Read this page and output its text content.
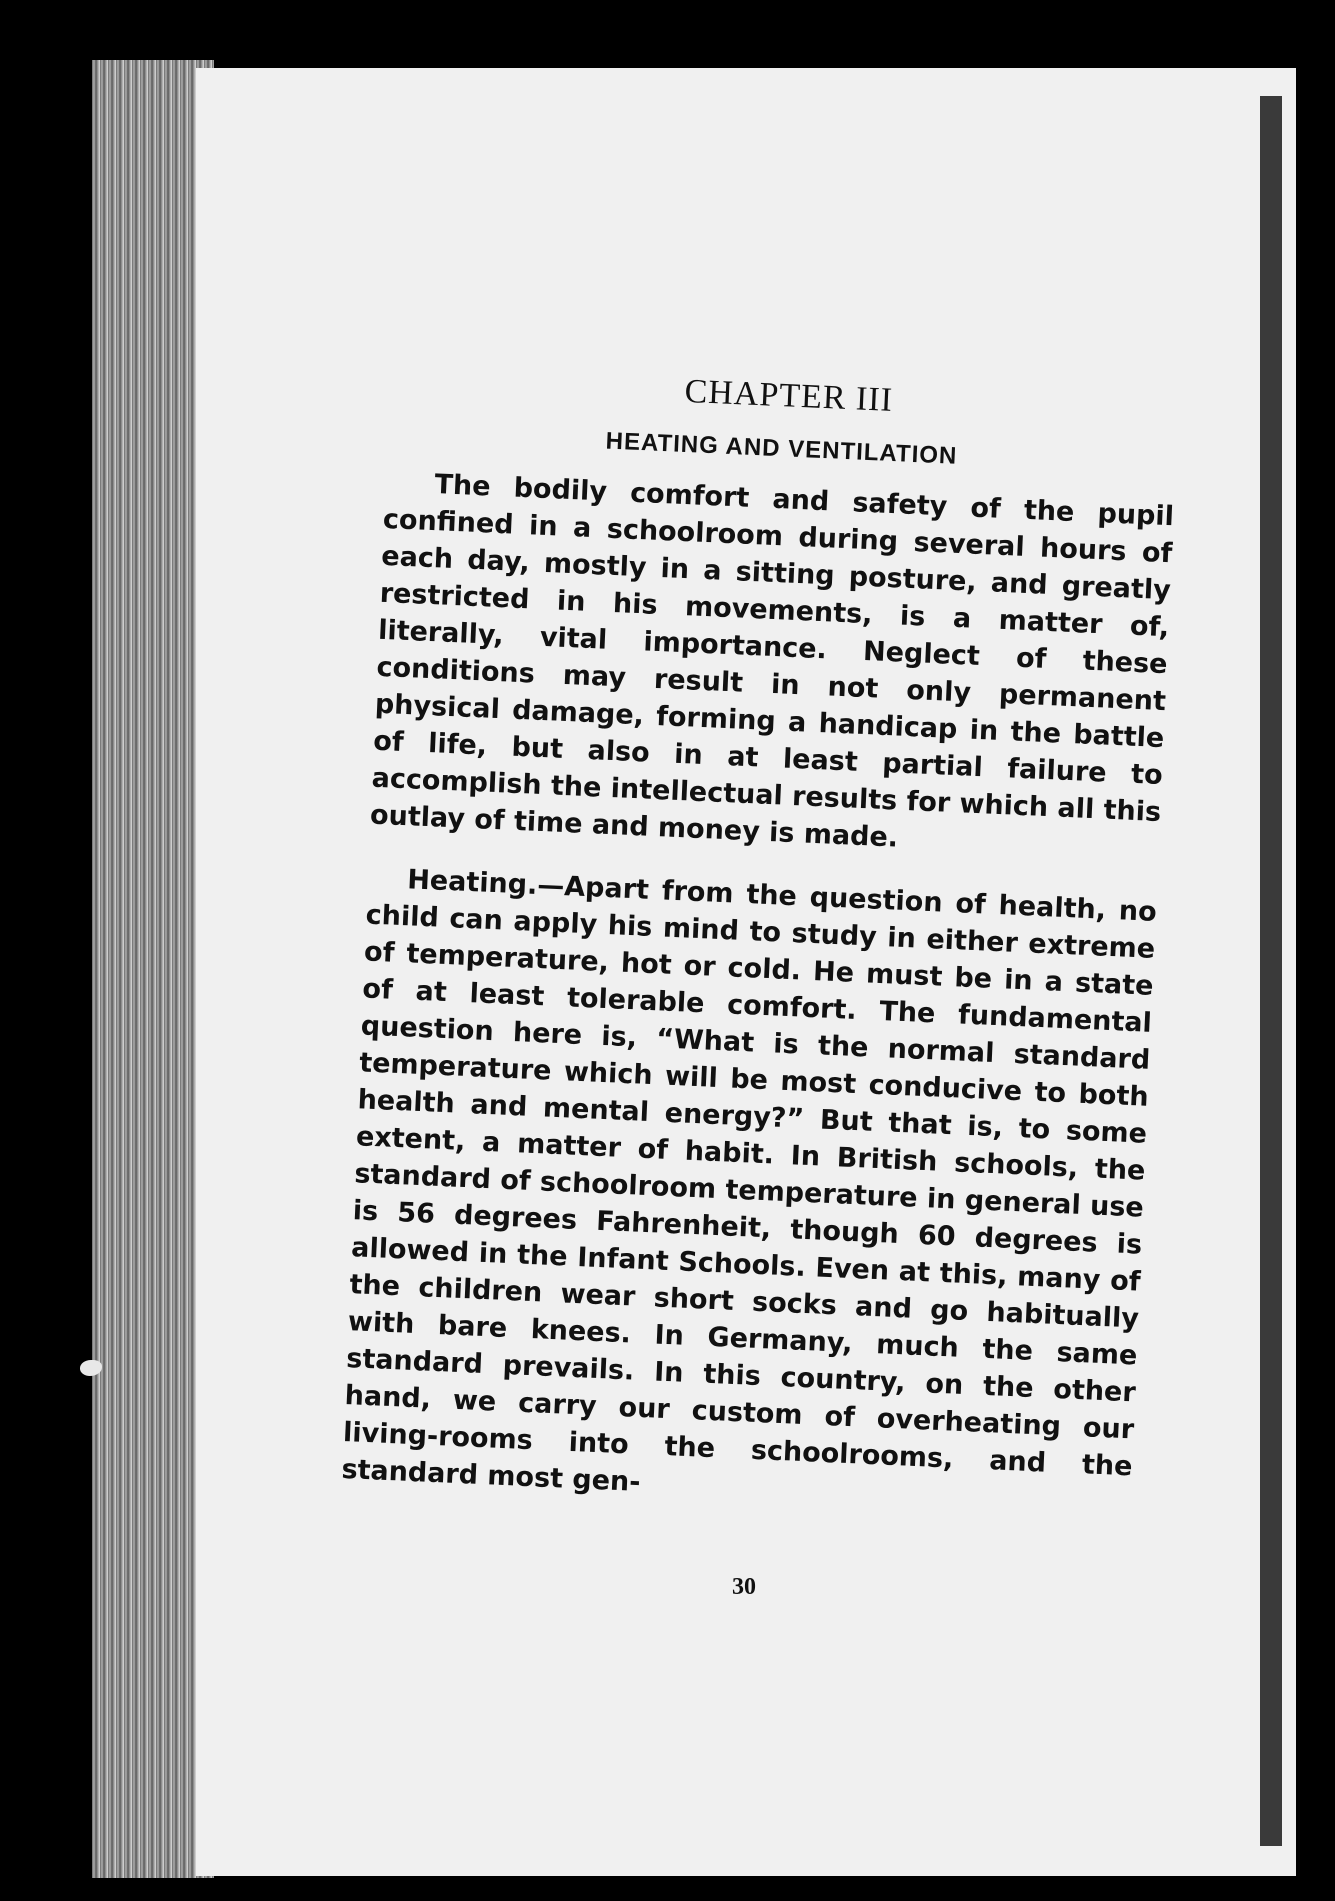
CHAPTER III
HEATING AND VENTILATION

The bodily comfort and safety of the pupil confined in a schoolroom during several hours of each day, mostly in a sitting posture, and greatly restricted in his movements, is a matter of, literally, vital importance. Neglect of these conditions may result in not only permanent physical damage, forming a handicap in the battle of life, but also in at least partial failure to accomplish the intellectual results for which all this outlay of time and money is made.

Heating.—Apart from the question of health, no child can apply his mind to study in either extreme of temperature, hot or cold. He must be in a state of at least tolerable comfort. The fundamental question here is, “What is the normal standard temperature which will be most conducive to both health and mental energy?” But that is, to some extent, a matter of habit. In British schools, the standard of schoolroom temperature in general use is 56 degrees Fahrenheit, though 60 degrees is allowed in the Infant Schools. Even at this, many of the children wear short socks and go habitually with bare knees. In Germany, much the same standard prevails. In this country, on the other hand, we carry our custom of overheating our living-rooms into the schoolrooms, and the standard most gen-

30
